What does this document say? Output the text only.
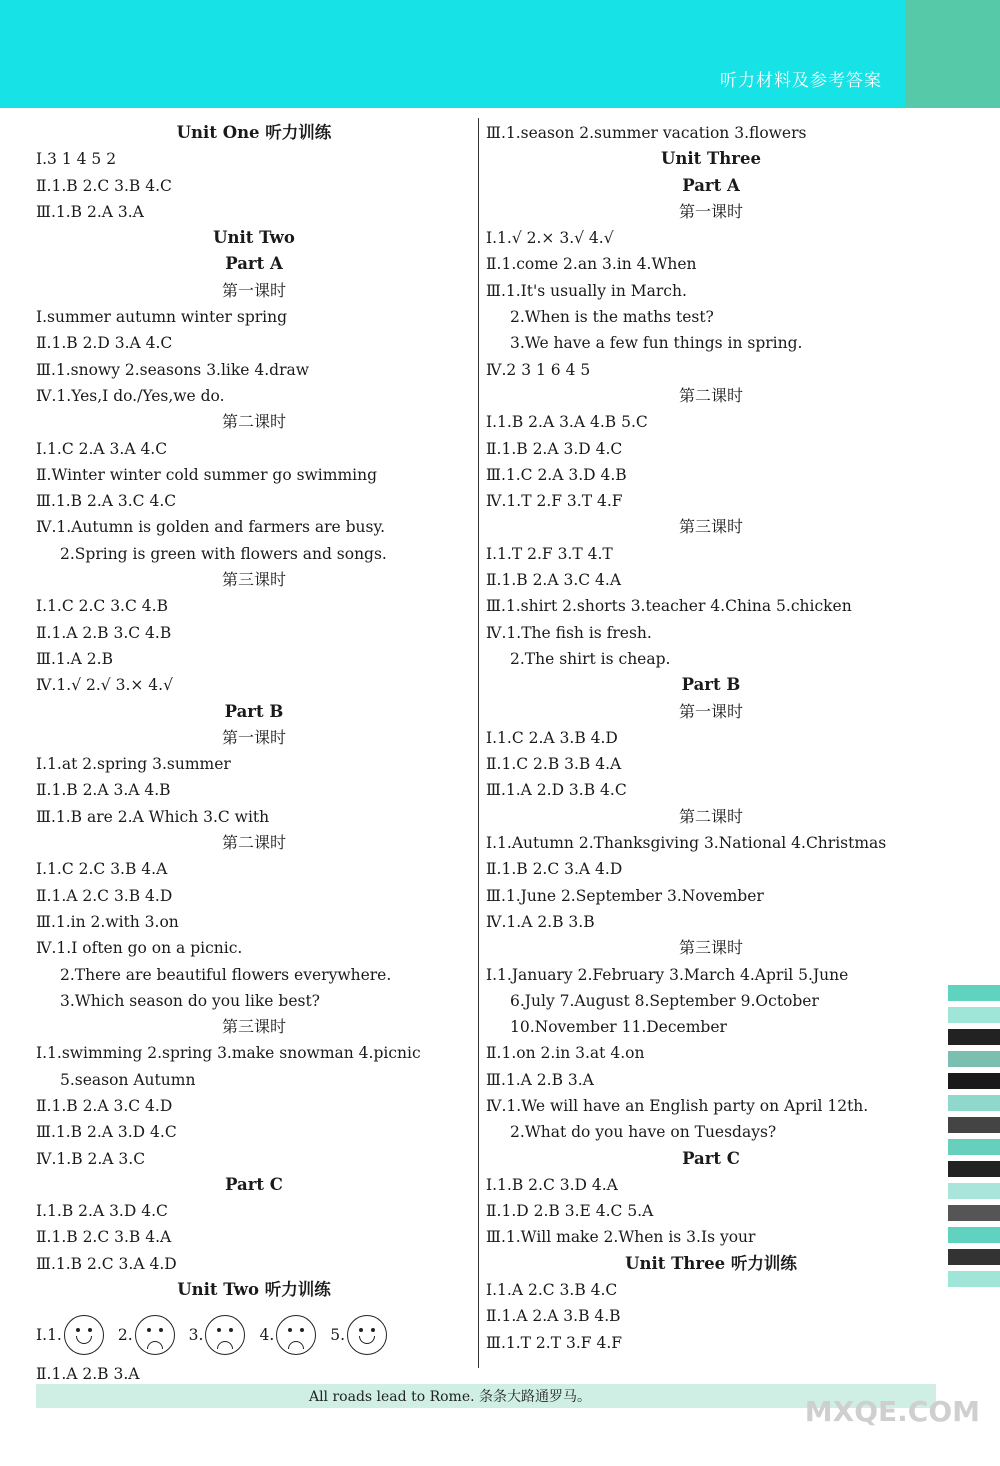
听力材料及参考答案
Unit One 听力训练
Ⅰ.3 1 4 5 2
Ⅱ.1.B 2.C 3.B 4.C
Ⅲ.1.B 2.A 3.A
Unit Two
Part A
第一课时
Ⅰ.summer autumn winter spring
Ⅱ.1.B 2.D 3.A 4.C
Ⅲ.1.snowy 2.seasons 3.like 4.draw
Ⅳ.1.Yes,I do./Yes,we do.
第二课时
Ⅰ.1.C 2.A 3.A 4.C
Ⅱ.Winter winter cold summer go swimming
Ⅲ.1.B 2.A 3.C 4.C
Ⅳ.1.Autumn is golden and farmers are busy.
2.Spring is green with flowers and songs.
第三课时
Ⅰ.1.C 2.C 3.C 4.B
Ⅱ.1.A 2.B 3.C 4.B
Ⅲ.1.A 2.B
Ⅳ.1.√ 2.√ 3.× 4.√
Part B
第一课时
Ⅰ.1.at 2.spring 3.summer
Ⅱ.1.B 2.A 3.A 4.B
Ⅲ.1.B are 2.A Which 3.C with
第二课时
Ⅰ.1.C 2.C 3.B 4.A
Ⅱ.1.A 2.C 3.B 4.D
Ⅲ.1.in 2.with 3.on
Ⅳ.1.I often go on a picnic.
2.There are beautiful flowers everywhere.
3.Which season do you like best?
第三课时
Ⅰ.1.swimming 2.spring 3.make snowman 4.picnic
5.season Autumn
Ⅱ.1.B 2.A 3.C 4.D
Ⅲ.1.B 2.A 3.D 4.C
Ⅳ.1.B 2.A 3.C
Part C
Ⅰ.1.B 2.A 3.D 4.C
Ⅱ.1.B 2.C 3.B 4.A
Ⅲ.1.B 2.C 3.A 4.D
Unit Two 听力训练
Ⅰ. 1.	2.	3.	4.	5.
Ⅱ.1.A 2.B 3.A
Ⅲ.1.season 2.summer vacation 3.flowers
Unit Three
Part A
第一课时
Ⅰ.1.√ 2.× 3.√ 4.√
Ⅱ.1.come 2.an 3.in 4.When
Ⅲ.1.It's usually in March.
2.When is the maths test?
3.We have a few fun things in spring.
Ⅳ.2 3 1 6 4 5
第二课时
Ⅰ.1.B 2.A 3.A 4.B 5.C
Ⅱ.1.B 2.A 3.D 4.C
Ⅲ.1.C 2.A 3.D 4.B
Ⅳ.1.T 2.F 3.T 4.F
第三课时
Ⅰ.1.T 2.F 3.T 4.T
Ⅱ.1.B 2.A 3.C 4.A
Ⅲ.1.shirt 2.shorts 3.teacher 4.China 5.chicken
Ⅳ.1.The fish is fresh.
2.The shirt is cheap.
Part B
第一课时
Ⅰ.1.C 2.A 3.B 4.D
Ⅱ.1.C 2.B 3.B 4.A
Ⅲ.1.A 2.D 3.B 4.C
第二课时
Ⅰ.1.Autumn 2.Thanksgiving 3.National 4.Christmas
Ⅱ.1.B 2.C 3.A 4.D
Ⅲ.1.June 2.September 3.November
Ⅳ.1.A 2.B 3.B
第三课时
Ⅰ.1.January 2.February 3.March 4.April 5.June
6.July 7.August 8.September 9.October
10.November 11.December
Ⅱ.1.on 2.in 3.at 4.on
Ⅲ.1.A 2.B 3.A
Ⅳ.1.We will have an English party on April 12th.
2.What do you have on Tuesdays?
Part C
Ⅰ.1.B 2.C 3.D 4.A
Ⅱ.1.D 2.B 3.E 4.C 5.A
Ⅲ.1.Will make 2.When is 3.Is your
Unit Three 听力训练
Ⅰ.1.A 2.C 3.B 4.C
Ⅱ.1.A 2.A 3.B 4.B
Ⅲ.1.T 2.T 3.F 4.F
All roads lead to Rome. 条条大路通罗马。	MXQE.COM
